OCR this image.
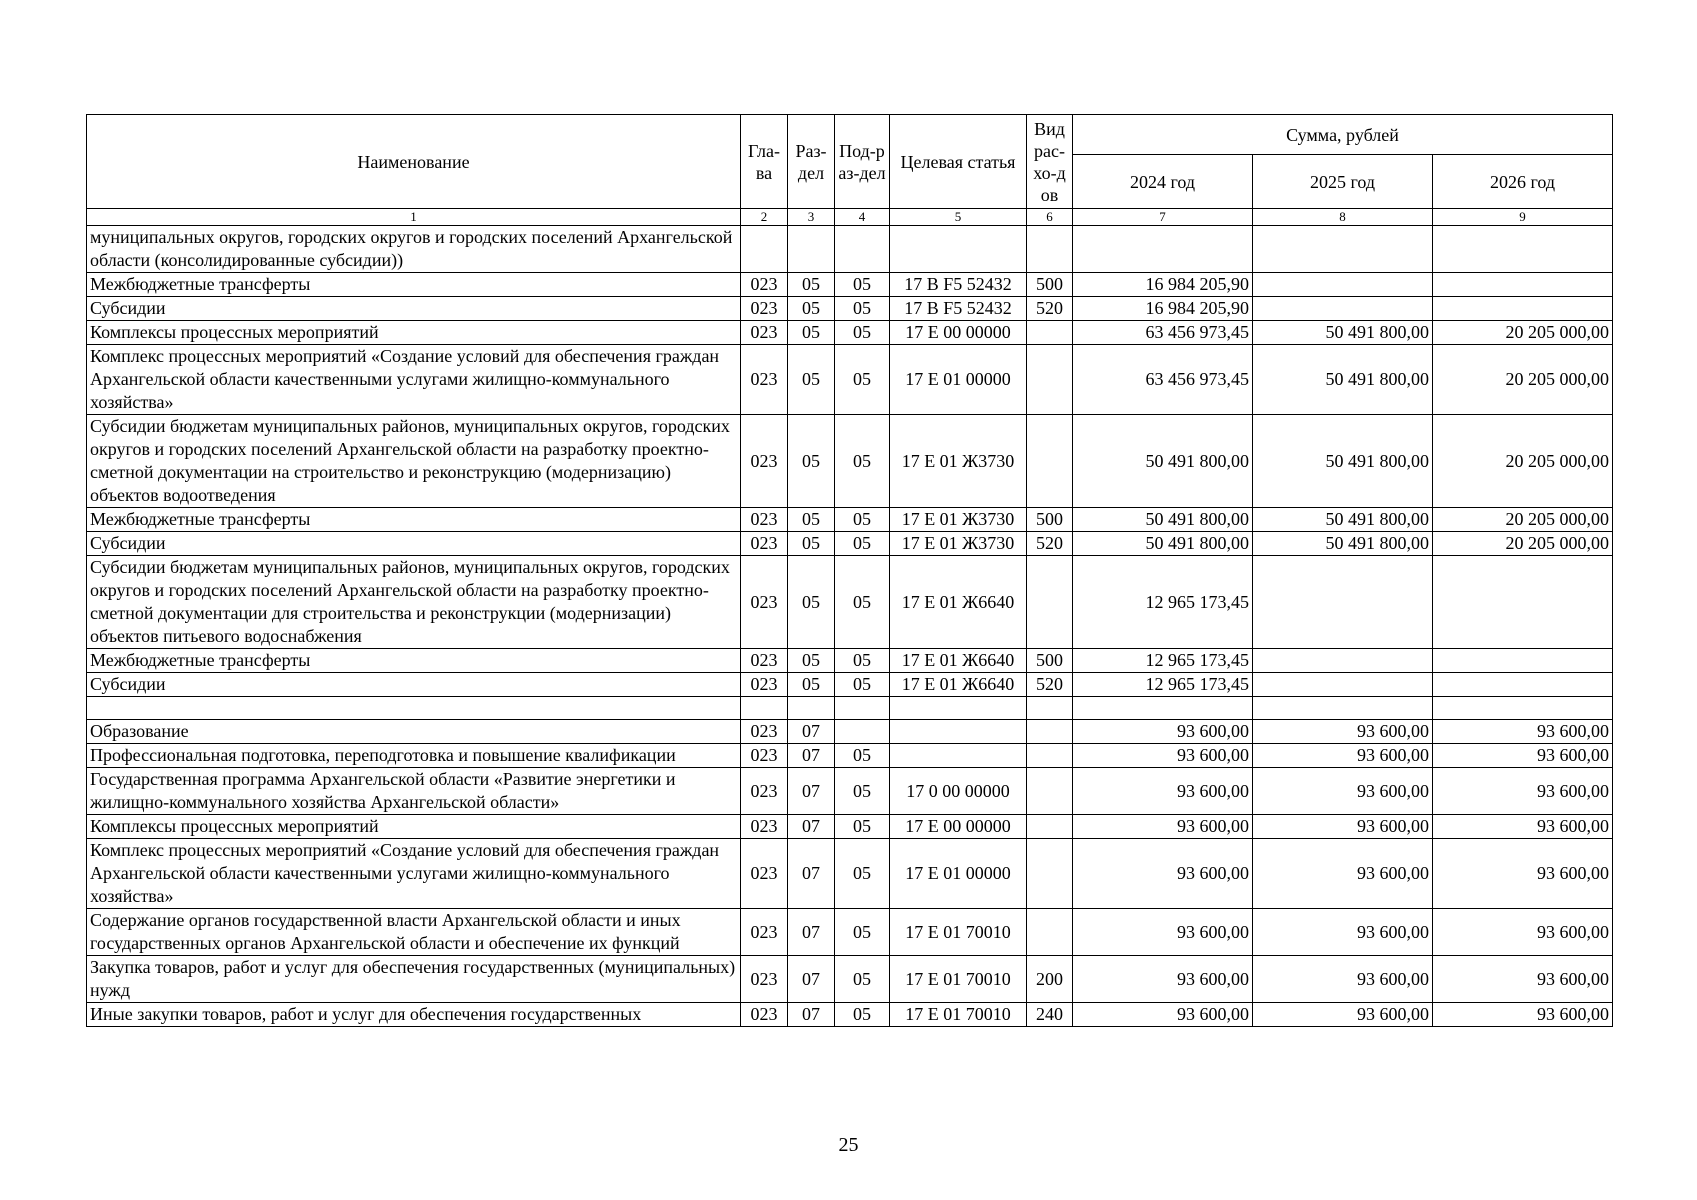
Наименование	Гла-ва	Раз-дел	Под-раз-дел	Целевая статья	Вид рас-хо-дов	Сумма, рублей		
						2024 год	2025 год	2026 год
1	2	3	4	5	6	7	8	9
муниципальных округов, городских округов и городских поселений Архангельской области (консолидированные субсидии))								
Межбюджетные трансферты	023	05	05	17 В F5 52432	500	16 984 205,90		
Субсидии	023	05	05	17 В F5 52432	520	16 984 205,90		
Комплексы процессных мероприятий	023	05	05	17 Е 00 00000		63 456 973,45	50 491 800,00	20 205 000,00
Комплекс процессных мероприятий «Создание условий для обеспечения граждан Архангельской области качественными услугами жилищно-коммунального хозяйства»	023	05	05	17 Е 01 00000		63 456 973,45	50 491 800,00	20 205 000,00
Субсидии бюджетам муниципальных районов, муниципальных округов, городских округов и городских поселений Архангельской области на разработку проектно-сметной документации на строительство и реконструкцию (модернизацию) объектов водоотведения	023	05	05	17 Е 01 Ж3730		50 491 800,00	50 491 800,00	20 205 000,00
Межбюджетные трансферты	023	05	05	17 Е 01 Ж3730	500	50 491 800,00	50 491 800,00	20 205 000,00
Субсидии	023	05	05	17 Е 01 Ж3730	520	50 491 800,00	50 491 800,00	20 205 000,00
Субсидии бюджетам муниципальных районов, муниципальных округов, городских округов и городских поселений Архангельской области на разработку проектно-сметной документации для строительства и реконструкции (модернизации) объектов питьевого водоснабжения	023	05	05	17 Е 01 Ж6640		12 965 173,45		
Межбюджетные трансферты	023	05	05	17 Е 01 Ж6640	500	12 965 173,45		
Субсидии	023	05	05	17 Е 01 Ж6640	520	12 965 173,45		

Образование	023	07				93 600,00	93 600,00	93 600,00
Профессиональная подготовка, переподготовка и повышение квалификации	023	07	05			93 600,00	93 600,00	93 600,00
Государственная программа Архангельской области «Развитие энергетики и жилищно-коммунального хозяйства Архангельской области»	023	07	05	17 0 00 00000		93 600,00	93 600,00	93 600,00
Комплексы процессных мероприятий	023	07	05	17 Е 00 00000		93 600,00	93 600,00	93 600,00
Комплекс процессных мероприятий «Создание условий для обеспечения граждан Архангельской области качественными услугами жилищно-коммунального хозяйства»	023	07	05	17 Е 01 00000		93 600,00	93 600,00	93 600,00
Содержание органов государственной власти Архангельской области и иных государственных органов Архангельской области и обеспечение их функций	023	07	05	17 Е 01 70010		93 600,00	93 600,00	93 600,00
Закупка товаров, работ и услуг для обеспечения государственных (муниципальных) нужд	023	07	05	17 Е 01 70010	200	93 600,00	93 600,00	93 600,00
Иные закупки товаров, работ и услуг для обеспечения государственных	023	07	05	17 Е 01 70010	240	93 600,00	93 600,00	93 600,00
25
